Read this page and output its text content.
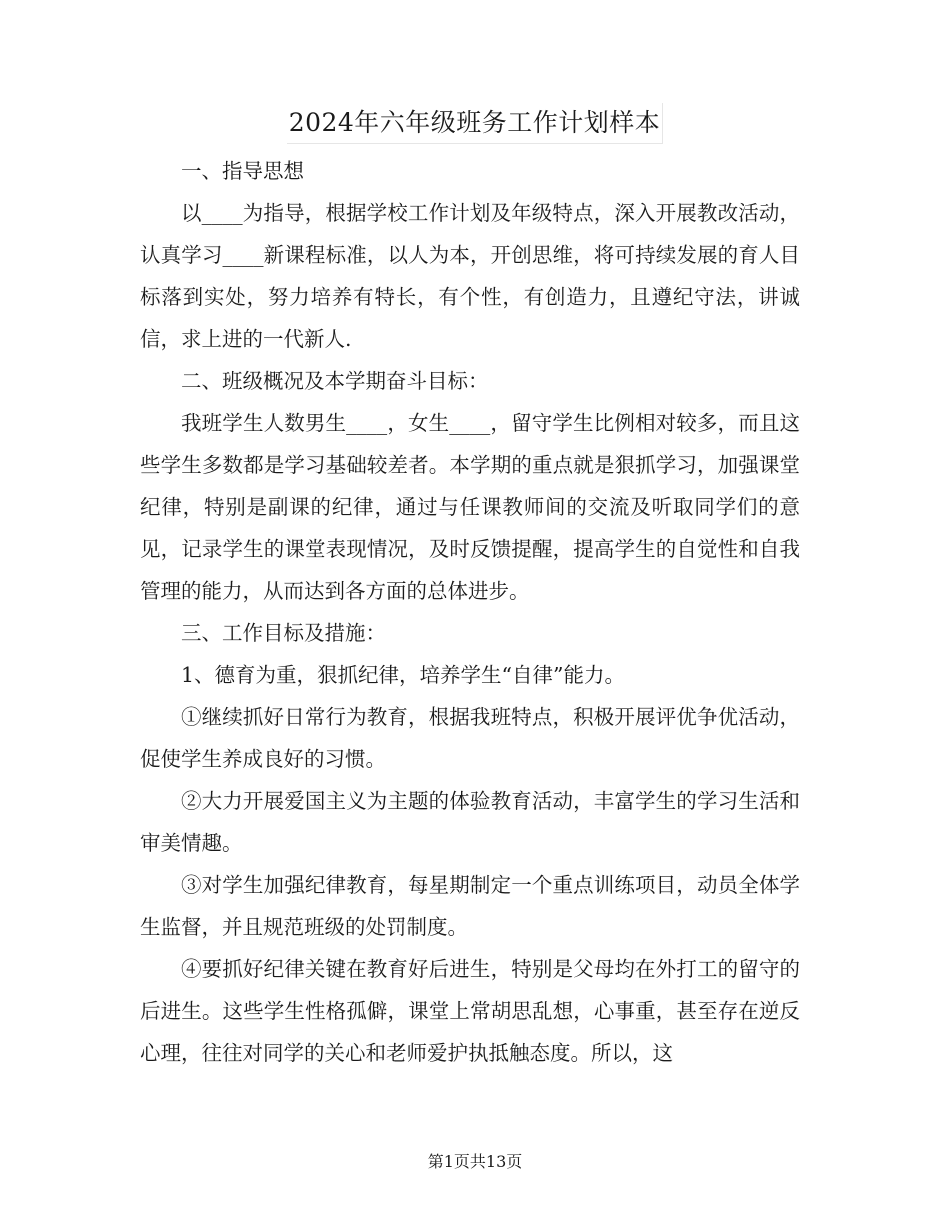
2024年六年级班务工作计划样本

一、指导思想

以____为指导，根据学校工作计划及年级特点，深入开展教改活动，认真学习____新课程标准，以人为本，开创思维，将可持续发展的育人目标落到实处，努力培养有特长，有个性，有创造力，且遵纪守法，讲诚信，求上进的一代新人.

二、班级概况及本学期奋斗目标：

我班学生人数男生____，女生____，留守学生比例相对较多，而且这些学生多数都是学习基础较差者。本学期的重点就是狠抓学习，加强课堂纪律，特别是副课的纪律，通过与任课教师间的交流及听取同学们的意见，记录学生的课堂表现情况，及时反馈提醒，提高学生的自觉性和自我管理的能力，从而达到各方面的总体进步。

三、工作目标及措施：

1、德育为重，狠抓纪律，培养学生“自律”能力。

①继续抓好日常行为教育，根据我班特点，积极开展评优争优活动，促使学生养成良好的习惯。

②大力开展爱国主义为主题的体验教育活动，丰富学生的学习生活和审美情趣。

③对学生加强纪律教育，每星期制定一个重点训练项目，动员全体学生监督，并且规范班级的处罚制度。

④要抓好纪律关键在教育好后进生，特别是父母均在外打工的留守的后进生。这些学生性格孤僻，课堂上常胡思乱想，心事重，甚至存在逆反心理，往往对同学的关心和老师爱护执抵触态度。所以，这

第1页共13页
